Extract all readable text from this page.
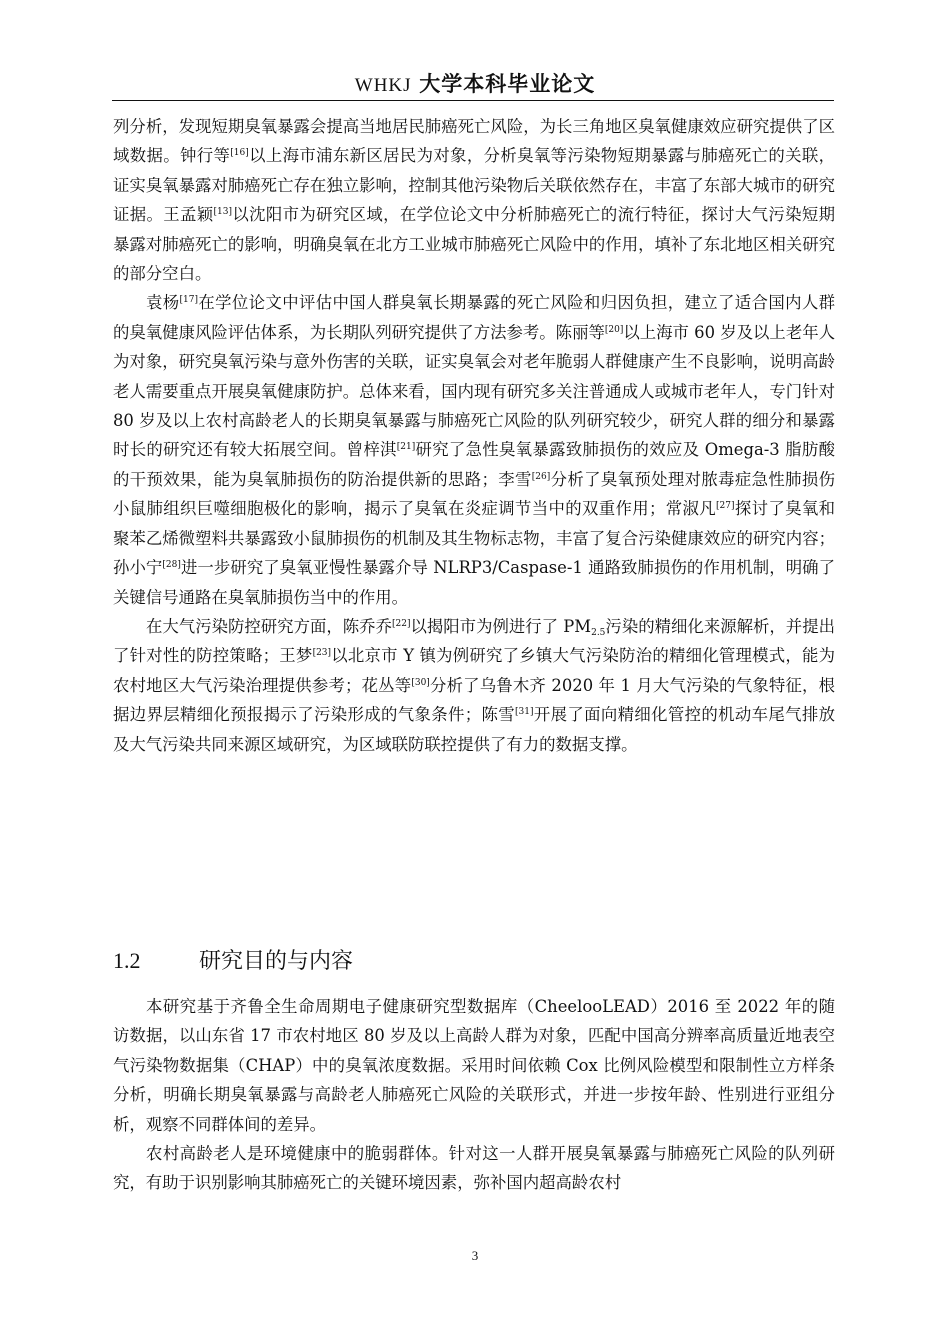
WHKJ 大学本科毕业论文

列分析，发现短期臭氧暴露会提高当地居民肺癌死亡风险，为长三角地区臭氧健康效应研究提供了区域数据。钟行等[16]以上海市浦东新区居民为对象，分析臭氧等污染物短期暴露与肺癌死亡的关联，证实臭氧暴露对肺癌死亡存在独立影响，控制其他污染物后关联依然存在，丰富了东部大城市的研究证据。王孟颖[13]以沈阳市为研究区域，在学位论文中分析肺癌死亡的流行特征，探讨大气污染短期暴露对肺癌死亡的影响，明确臭氧在北方工业城市肺癌死亡风险中的作用，填补了东北地区相关研究的部分空白。

袁杨[17]在学位论文中评估中国人群臭氧长期暴露的死亡风险和归因负担，建立了适合国内人群的臭氧健康风险评估体系，为长期队列研究提供了方法参考。陈丽等[20]以上海市 60 岁及以上老年人为对象，研究臭氧污染与意外伤害的关联，证实臭氧会对老年脆弱人群健康产生不良影响，说明高龄老人需要重点开展臭氧健康防护。总体来看，国内现有研究多关注普通成人或城市老年人，专门针对 80 岁及以上农村高龄老人的长期臭氧暴露与肺癌死亡风险的队列研究较少，研究人群的细分和暴露时长的研究还有较大拓展空间。曾梓淇[21]研究了急性臭氧暴露致肺损伤的效应及 Omega-3 脂肪酸的干预效果，能为臭氧肺损伤的防治提供新的思路；李雪[26]分析了臭氧预处理对脓毒症急性肺损伤小鼠肺组织巨噬细胞极化的影响，揭示了臭氧在炎症调节当中的双重作用；常淑凡[27]探讨了臭氧和聚苯乙烯微塑料共暴露致小鼠肺损伤的机制及其生物标志物，丰富了复合污染健康效应的研究内容；孙小宁[28]进一步研究了臭氧亚慢性暴露介导 NLRP3/Caspase-1 通路致肺损伤的作用机制，明确了关键信号通路在臭氧肺损伤当中的作用。

在大气污染防控研究方面，陈乔乔[22]以揭阳市为例进行了 $PM_{2.5}$污染的精细化来源解析，并提出了针对性的防控策略；王梦[23]以北京市 Y 镇为例研究了乡镇大气污染防治的精细化管理模式，能为农村地区大气污染治理提供参考；花丛等[30]分析了乌鲁木齐 2020 年 1 月大气污染的气象特征，根据边界层精细化预报揭示了污染形成的气象条件；陈雪[31]开展了面向精细化管控的机动车尾气排放及大气污染共同来源区域研究，为区域联防联控提供了有力的数据支撑。

1.2	研究目的与内容

本研究基于齐鲁全生命周期电子健康研究型数据库（CheelooLEAD）2016 至 2022 年的随访数据，以山东省 17 市农村地区 80 岁及以上高龄人群为对象，匹配中国高分辨率高质量近地表空气污染物数据集（CHAP）中的臭氧浓度数据。采用时间依赖 Cox 比例风险模型和限制性立方样条分析，明确长期臭氧暴露与高龄老人肺癌死亡风险的关联形式，并进一步按年龄、性别进行亚组分析，观察不同群体间的差异。

农村高龄老人是环境健康中的脆弱群体。针对这一人群开展臭氧暴露与肺癌死亡风险的队列研究，有助于识别影响其肺癌死亡的关键环境因素，弥补国内超高龄农村

3
